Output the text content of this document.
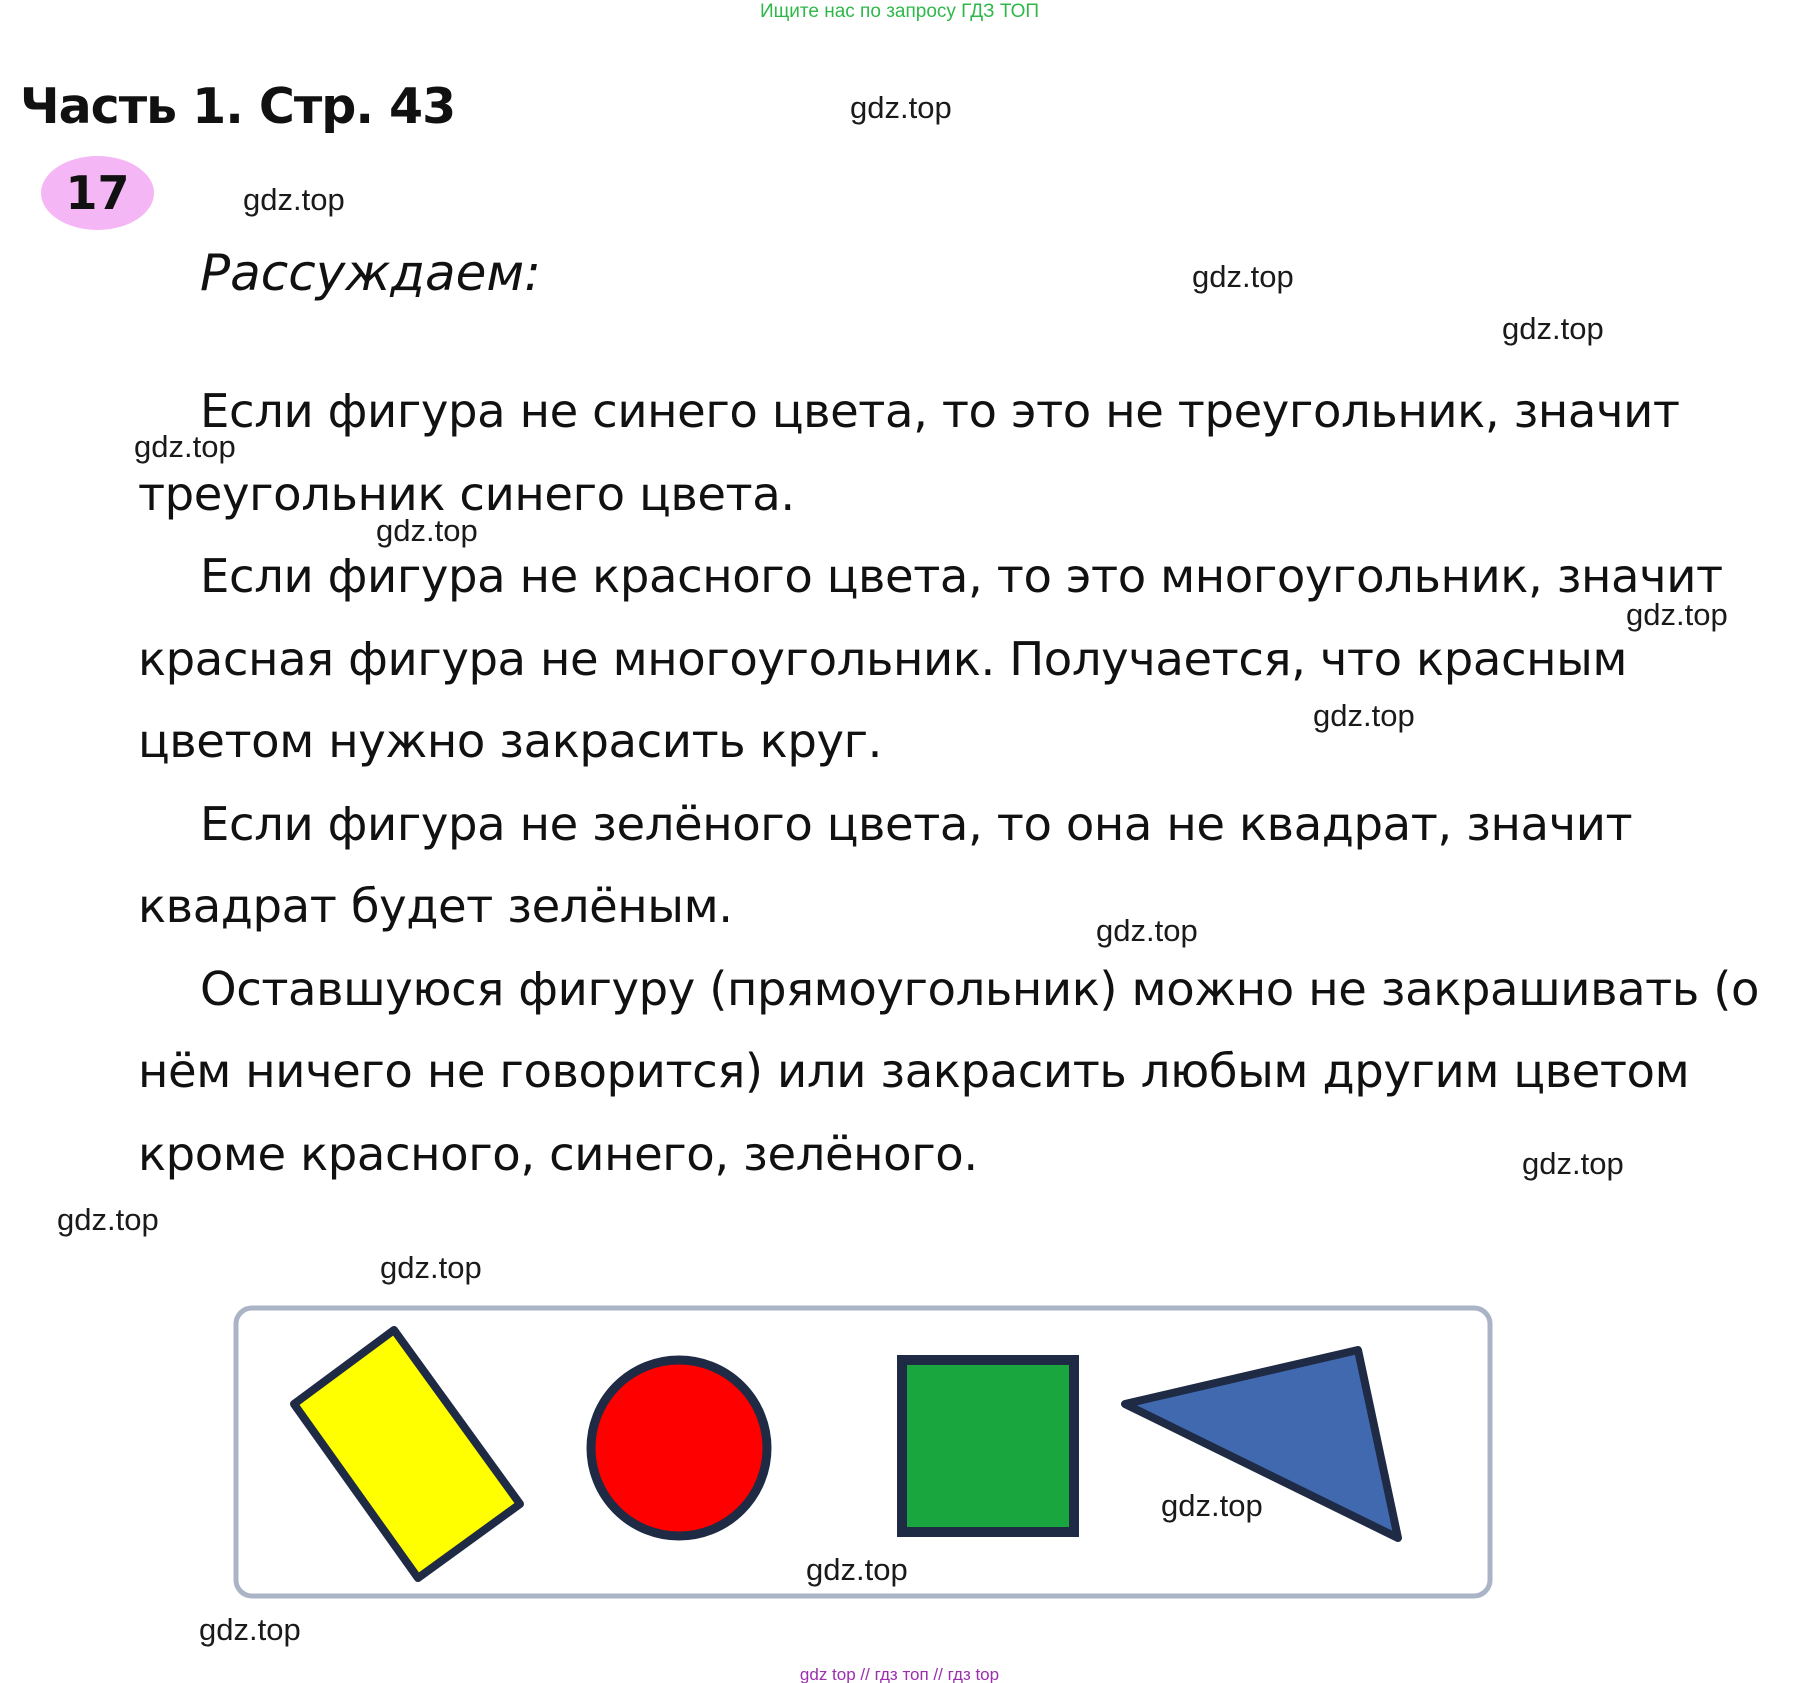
Ищите нас по запросу ГДЗ ТОП
Часть 1. Стр. 43
17
Рассуждаем:

Если фигура не синего цвета, то это не треугольник, значит треугольник синего цвета.

Если фигура не красного цвета, то это многоугольник, значит красная фигура не многоугольник. Получается, что красным цветом нужно закрасить круг.

Если фигура не зелёного цвета, то она не квадрат, значит квадрат будет зелёным.

Оставшуюся фигуру (прямоугольник) можно не закрашивать (о нём ничего не говорится) или закрасить любым другим цветом кроме красного, синего, зелёного.

gdz.top
gdz.top
gdz.top
gdz.top
gdz.top
gdz.top
gdz.top
gdz.top
gdz.top
gdz.top
gdz.top
gdz.top
gdz.top
gdz.top
gdz.top
gdz top // гдз топ // гдз top
